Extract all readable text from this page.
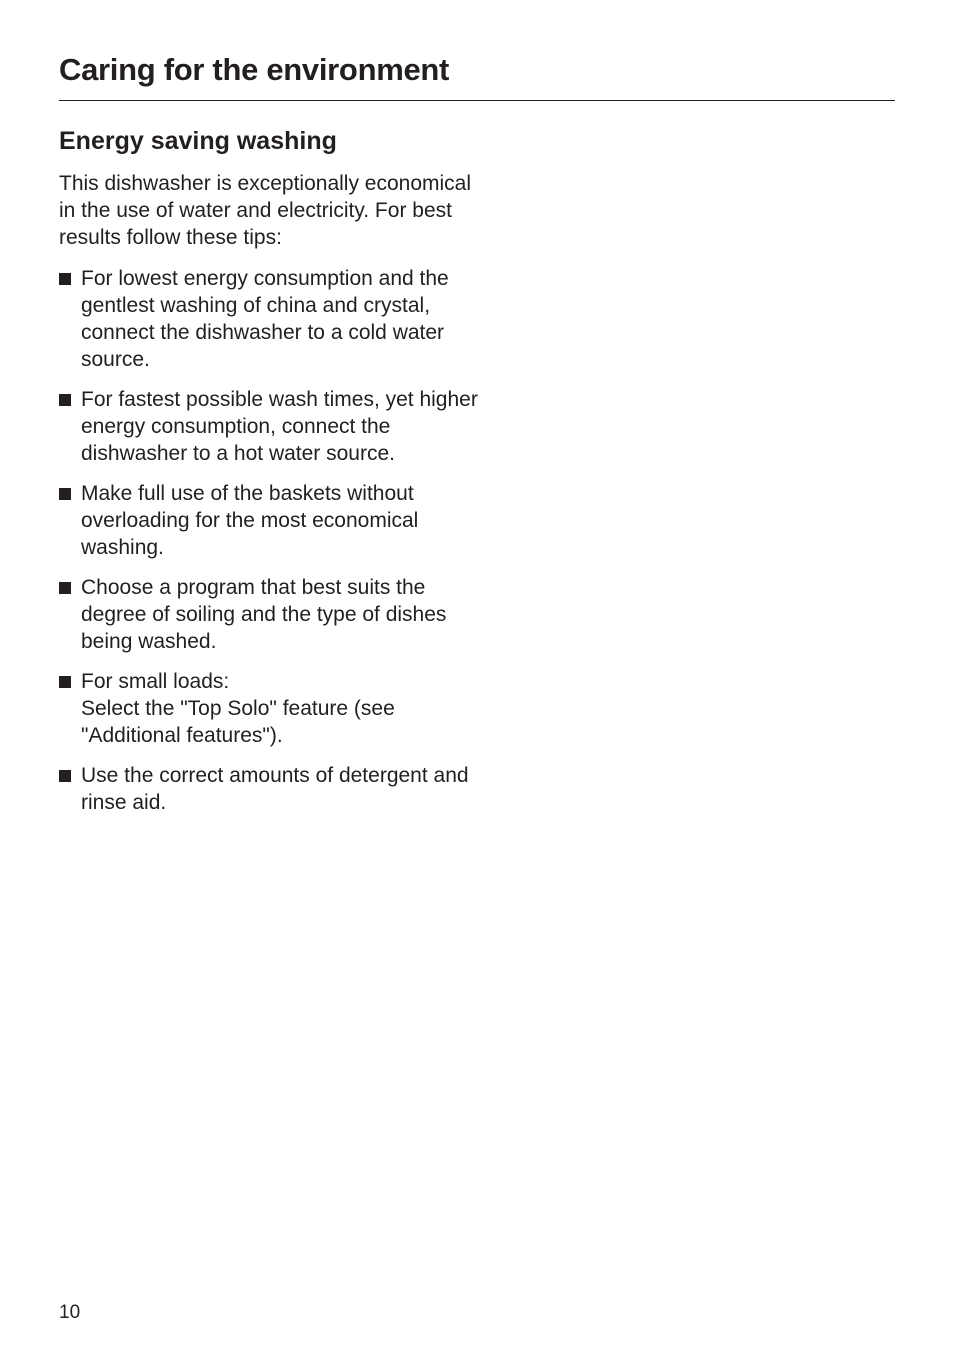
Caring for the environment
Energy saving washing

This dishwasher is exceptionally economical in the use of water and electricity. For best results follow these tips:

For lowest energy consumption and the gentlest washing of china and crystal, connect the dishwasher to a cold water source.
For fastest possible wash times, yet higher energy consumption, connect the dishwasher to a hot water source.
Make full use of the baskets without overloading for the most economical washing.
Choose a program that best suits the degree of soiling and the type of dishes being washed.
For small loads:
Select the "Top Solo" feature (see "Additional features").
Use the correct amounts of detergent and rinse aid.
10
